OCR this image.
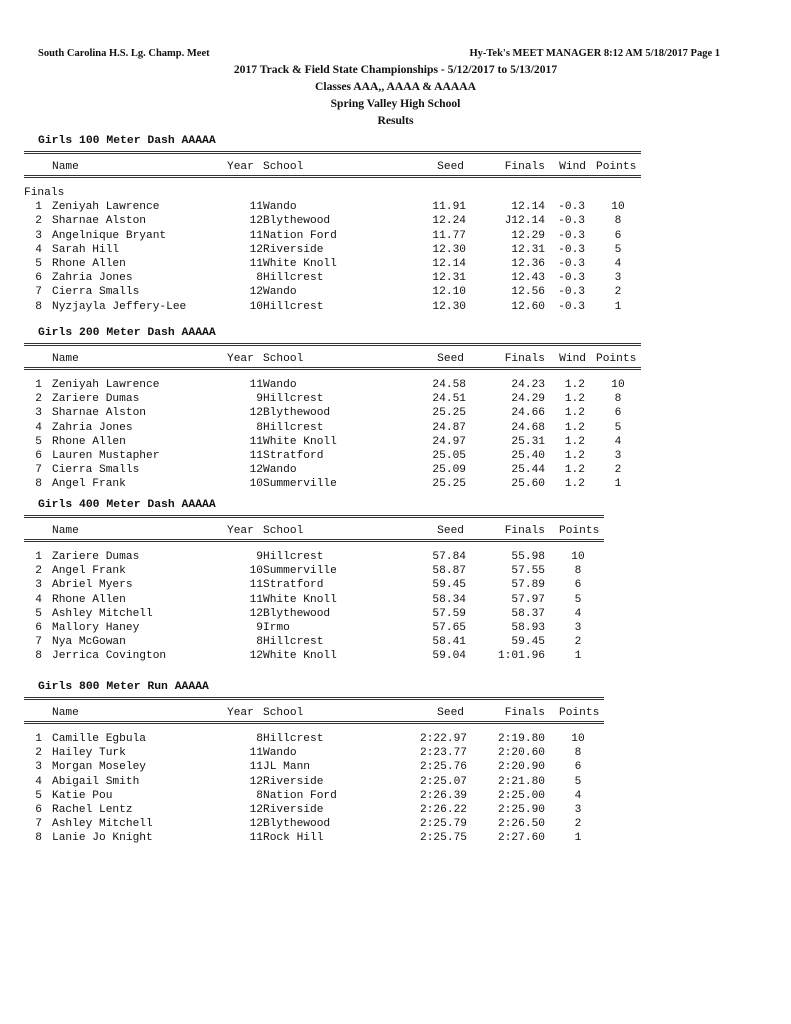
South Carolina H.S. Lg. Champ. Meet	Hy-Tek's MEET MANAGER 8:12 AM 5/18/2017 Page 1
2017 Track & Field State Championships - 5/12/2017 to 5/13/2017
Classes AAA,, AAAA & AAAAA
Spring Valley High School
Results
Girls 100 Meter Dash AAAAA
Name	Year School	Seed	Finals	Wind Points
Finals
1 Zeniyah Lawrence	11 Wando	11.91	12.14	-0.3	10
2 Sharnae Alston	12 Blythewood	12.24	J12.14	-0.3	8
3 Angelnique Bryant	11 Nation Ford	11.77	12.29	-0.3	6
4 Sarah Hill	12 Riverside	12.30	12.31	-0.3	5
5 Rhone Allen	11 White Knoll	12.14	12.36	-0.3	4
6 Zahria Jones	8 Hillcrest	12.31	12.43	-0.3	3
7 Cierra Smalls	12 Wando	12.10	12.56	-0.3	2
8 Nyzjayla Jeffery-Lee	10 Hillcrest	12.30	12.60	-0.3	1
Girls 200 Meter Dash AAAAA
Name	Year School	Seed	Finals	Wind Points
1 Zeniyah Lawrence	11 Wando	24.58	24.23	1.2	10
2 Zariere Dumas	9 Hillcrest	24.51	24.29	1.2	8
3 Sharnae Alston	12 Blythewood	25.25	24.66	1.2	6
4 Zahria Jones	8 Hillcrest	24.87	24.68	1.2	5
5 Rhone Allen	11 White Knoll	24.97	25.31	1.2	4
6 Lauren Mustapher	11 Stratford	25.05	25.40	1.2	3
7 Cierra Smalls	12 Wando	25.09	25.44	1.2	2
8 Angel Frank	10 Summerville	25.25	25.60	1.2	1
Girls 400 Meter Dash AAAAA
Name	Year School	Seed	Finals Points
1 Zariere Dumas	9 Hillcrest	57.84	55.98	10
2 Angel Frank	10 Summerville	58.87	57.55	8
3 Abriel Myers	11 Stratford	59.45	57.89	6
4 Rhone Allen	11 White Knoll	58.34	57.97	5
5 Ashley Mitchell	12 Blythewood	57.59	58.37	4
6 Mallory Haney	9 Irmo	57.65	58.93	3
7 Nya McGowan	8 Hillcrest	58.41	59.45	2
8 Jerrica Covington	12 White Knoll	59.04	1:01.96	1
Girls 800 Meter Run AAAAA
Name	Year School	Seed	Finals Points
1 Camille Egbula	8 Hillcrest	2:22.97	2:19.80	10
2 Hailey Turk	11 Wando	2:23.77	2:20.60	8
3 Morgan Moseley	11 JL Mann	2:25.76	2:20.90	6
4 Abigail Smith	12 Riverside	2:25.07	2:21.80	5
5 Katie Pou	8 Nation Ford	2:26.39	2:25.00	4
6 Rachel Lentz	12 Riverside	2:26.22	2:25.90	3
7 Ashley Mitchell	12 Blythewood	2:25.79	2:26.50	2
8 Lanie Jo Knight	11 Rock Hill	2:25.75	2:27.60	1
